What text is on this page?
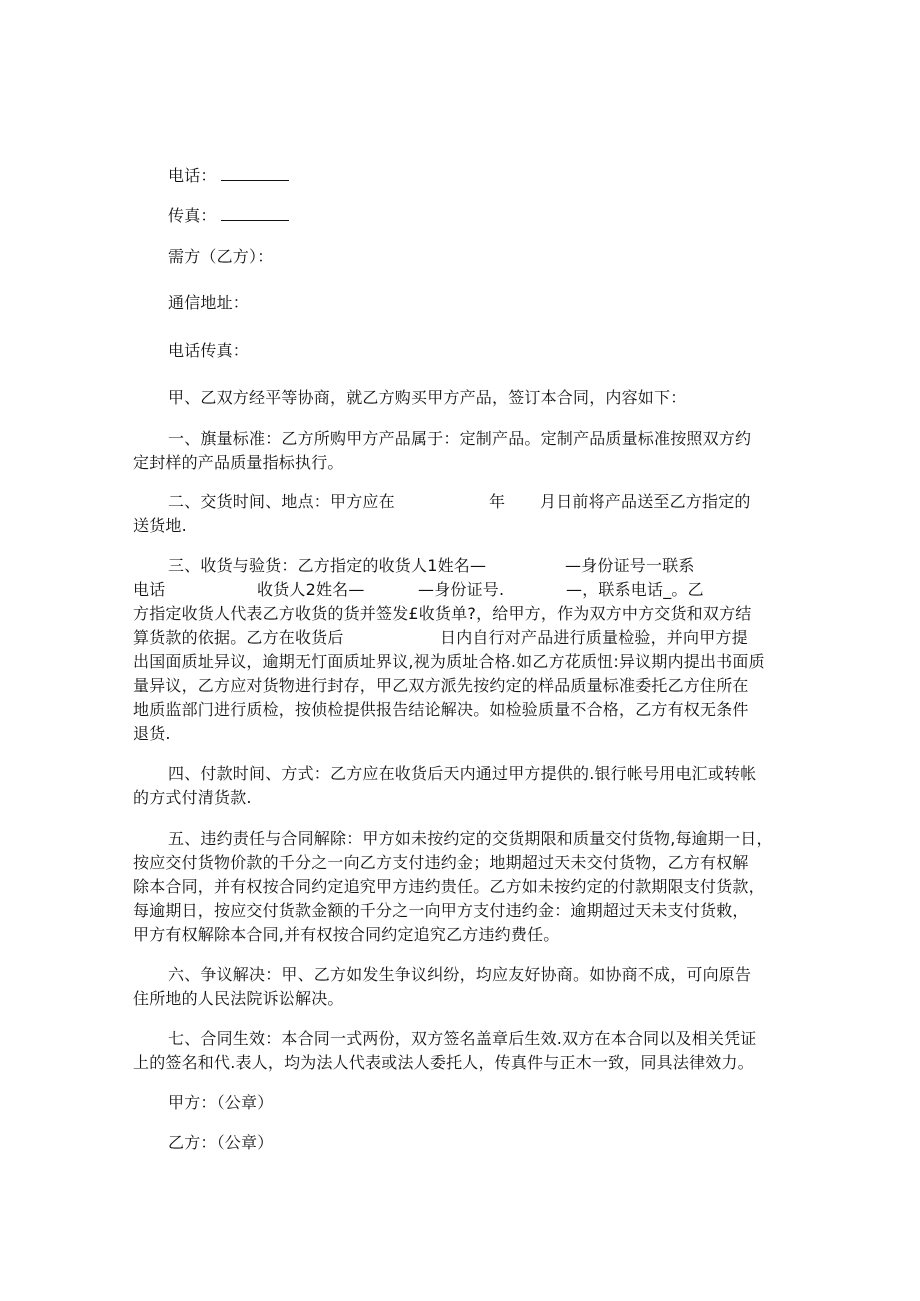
电话：
传真：
需方（乙方）：
通信地址：
电话传真：
甲、乙双方经平等协商，就乙方购买甲方产品，签订本合同，内容如下：
一、旗量标准：乙方所购甲方产品属于：定制产品。定制产品质量标准按照双方约
定封样的产品质量指标执行。
二、交货时间、地点：甲方应在	年 月日前将产品送至乙方指定的
送货地.
三、收货与验货：乙方指定的收货人1姓名—	—身份证号一联系
电话	收货人2姓名—	—身份证号.	—，联系电话_。乙
方指定收货人代表乙方收货的货并签发£收货单?，给甲方，作为双方中方交货和双方结
算货款的依据。乙方在收货后	日内自行对产品进行质量检验，并向甲方提
出国面质址异议，逾期无忊面质址界议,视为质址合格.如乙方花质忸:异议期内提出书面质
量异议，乙方应对货物进行封存，甲乙双方派先按约定的样品质量标准委托乙方住所在
地质监部门进行质检，按侦检提供报告结论解决。如检验质量不合格，乙方有权无条件
退货.
四、付款时间、方式：乙方应在收货后天内通过甲方提供的.银行帐号用电汇或转帐
的方式付清货款.
五、违约责任与合同解除：甲方如未按约定的交货期限和质量交付货物,每逾期一日，
按应交付货物价款的千分之一向乙方支付违约金；地期超过天未交付货物，乙方有权解
除本合同，并有权按合同约定追究甲方违约贵任。乙方如未按约定的付款期限支付货款，
每逾期日，按应交付货款金额的千分之一向甲方支付违约金：逾期超过天未支付货敕，
甲方有权解除本合同,并有权按合同约定追究乙方违约费任。
六、争议解决：甲、乙方如发生争议纠纷，均应友好协商。如协商不成，可向原告
住所地的人民法院诉讼解决。
七、合同生效：本合同一式两份，双方签名盖章后生效.双方在本合同以及相关凭证
上的签名和代.表人，均为法人代表或法人委托人，传真件与正木一致，同具法律效力。
甲方：（公章）
乙方：（公章）
